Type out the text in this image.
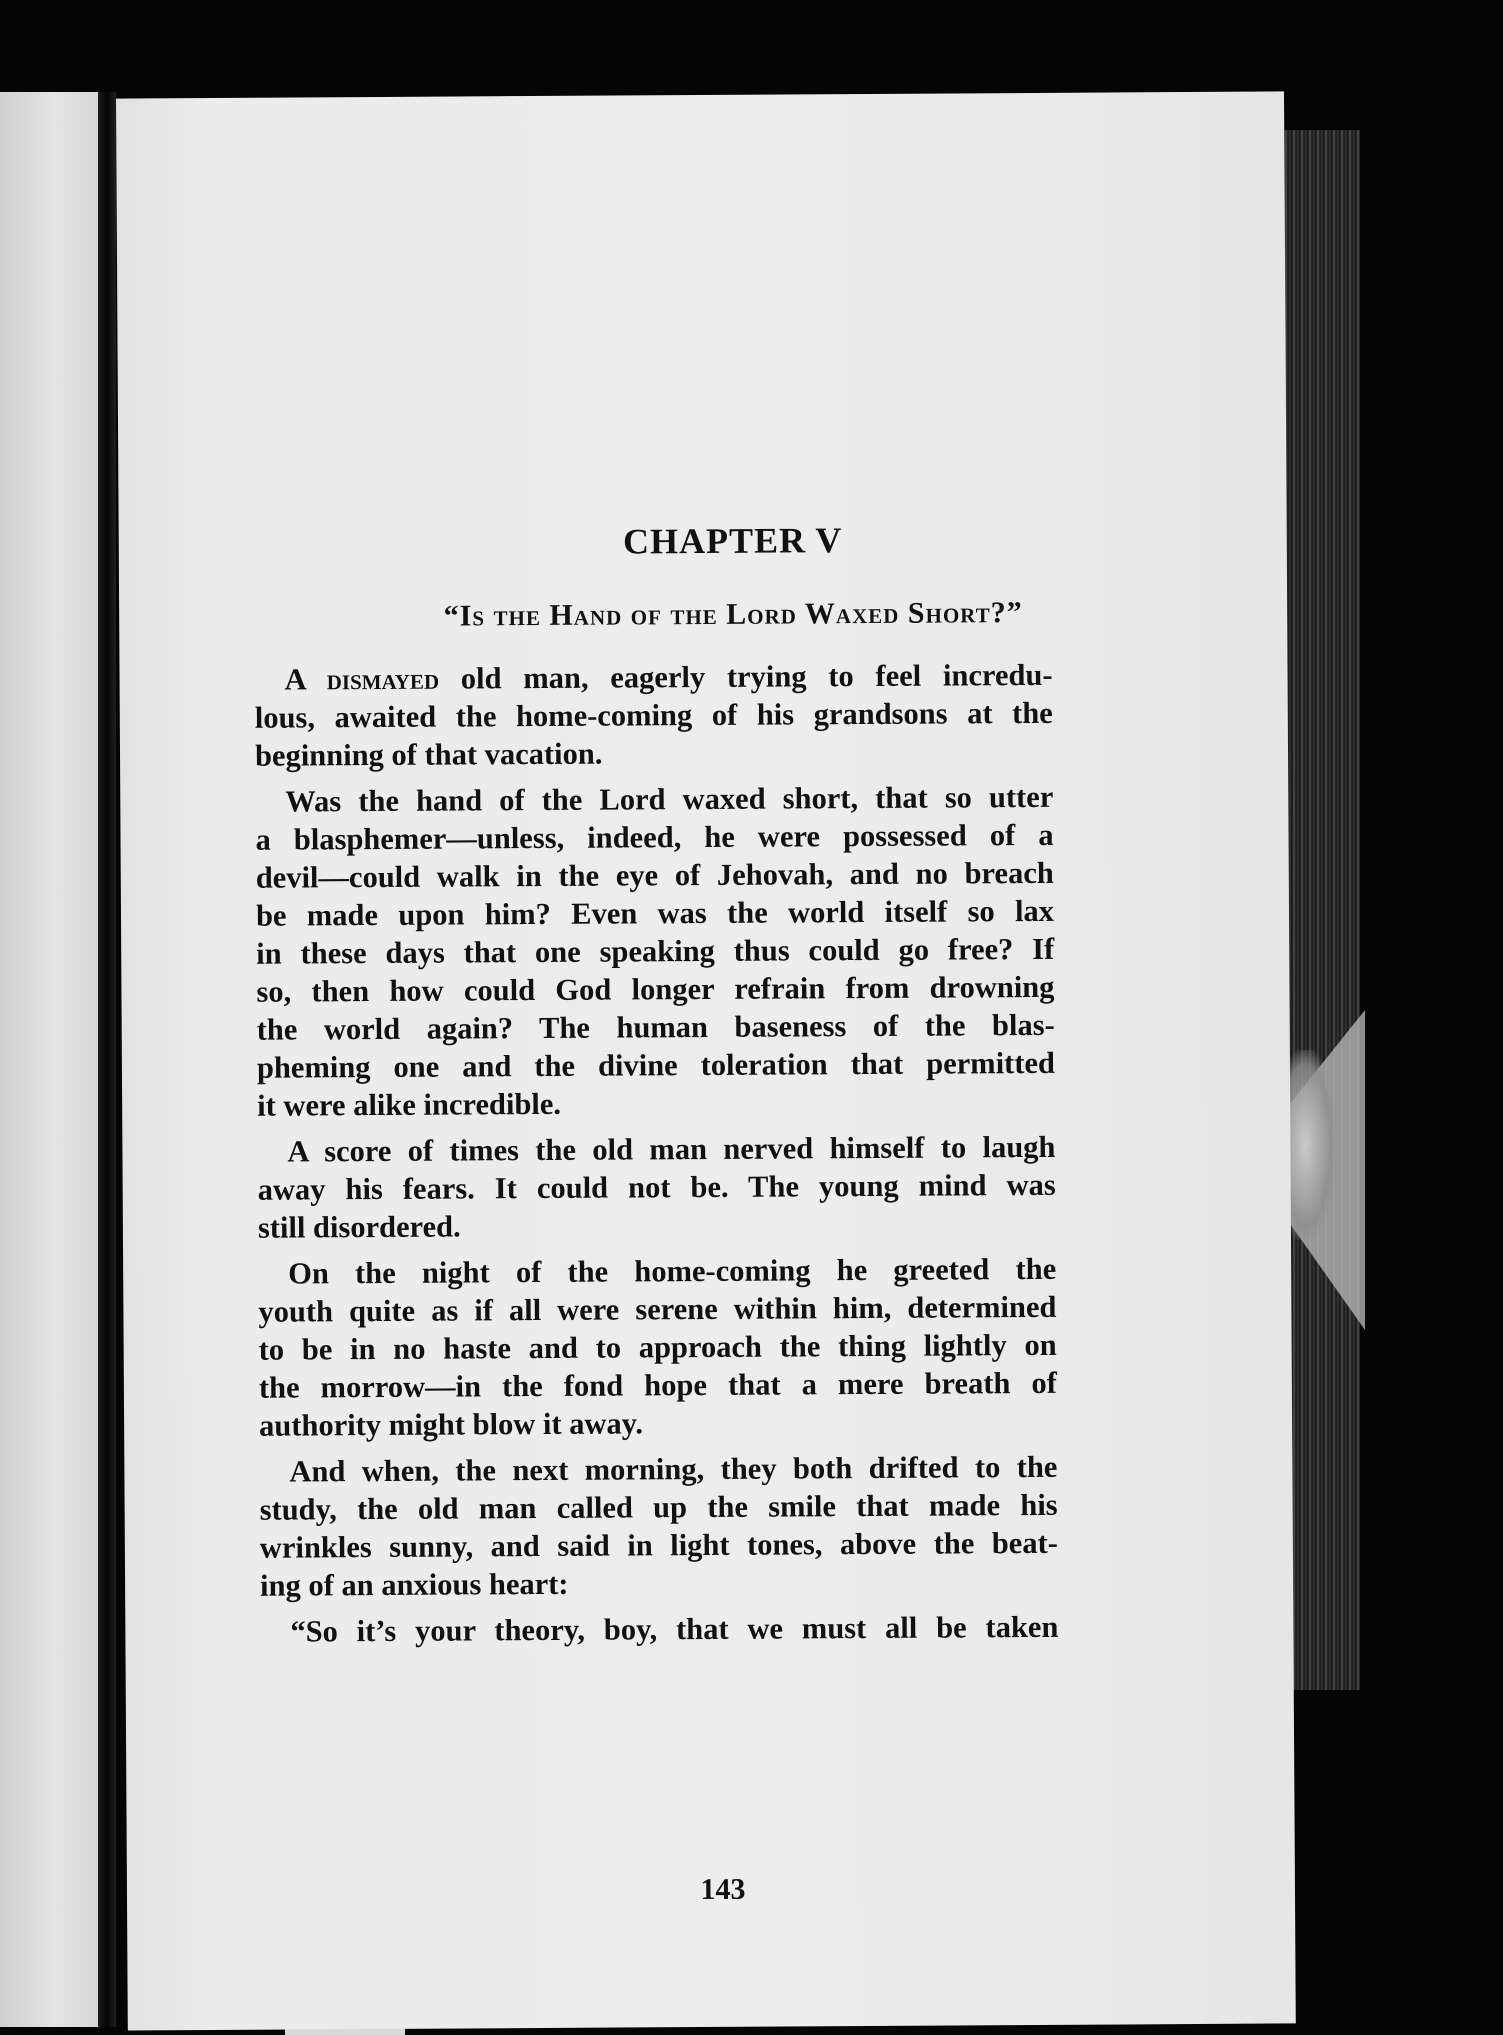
CHAPTER V
“Is the Hand of the Lord Waxed Short?”

A dismayed old man, eagerly trying to feel incredu-
lous, awaited the home-coming of his grandsons at the
beginning of that vacation.

Was the hand of the Lord waxed short, that so utter
a blasphemer—unless, indeed, he were possessed of a
devil—could walk in the eye of Jehovah, and no breach
be made upon him? Even was the world itself so lax
in these days that one speaking thus could go free? If
so, then how could God longer refrain from drowning
the world again? The human baseness of the blas-
pheming one and the divine toleration that permitted
it were alike incredible.

A score of times the old man nerved himself to laugh
away his fears. It could not be. The young mind was
still disordered.

On the night of the home-coming he greeted the
youth quite as if all were serene within him, determined
to be in no haste and to approach the thing lightly on
the morrow—in the fond hope that a mere breath of
authority might blow it away.

And when, the next morning, they both drifted to the
study, the old man called up the smile that made his
wrinkles sunny, and said in light tones, above the beat-
ing of an anxious heart:

“So it’s your theory, boy, that we must all be taken

143
